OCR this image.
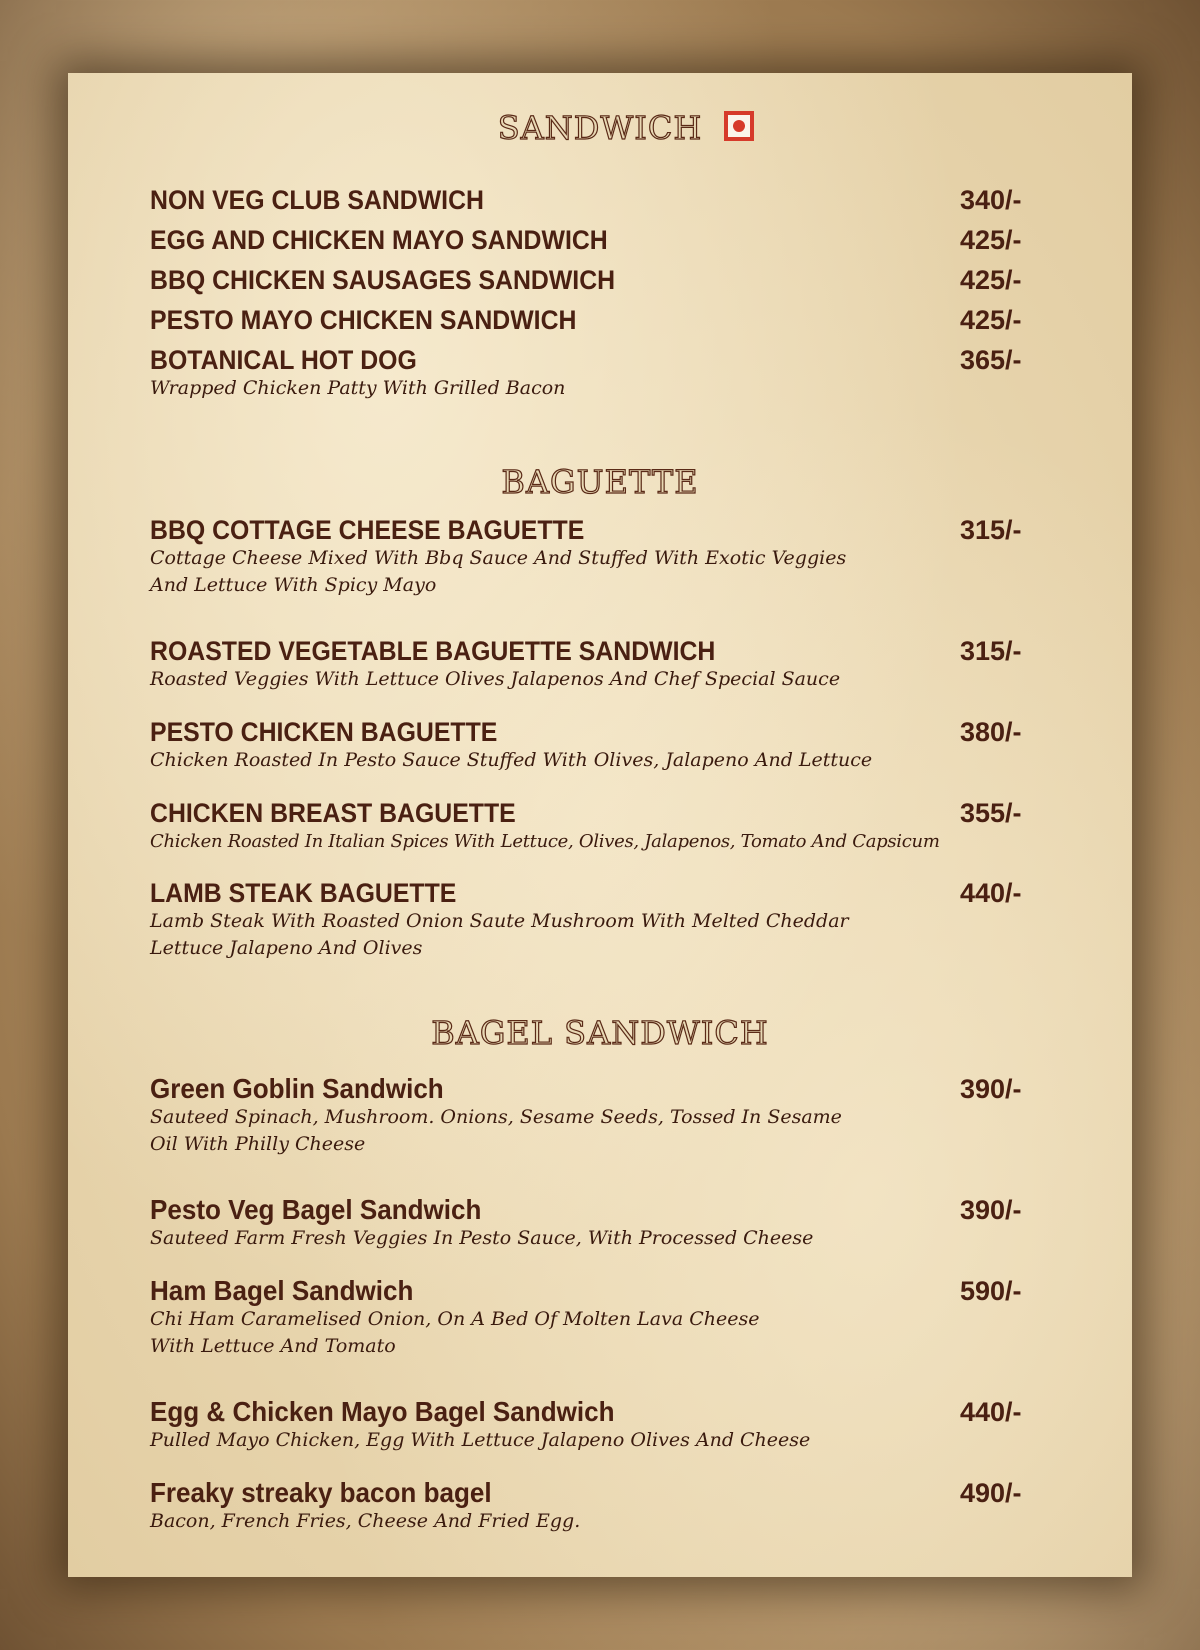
SANDWICH
NON VEG CLUB SANDWICH	340/-
EGG AND CHICKEN MAYO SANDWICH	425/-
BBQ CHICKEN SAUSAGES SANDWICH	425/-
PESTO MAYO CHICKEN SANDWICH	425/-
BOTANICAL HOT DOG	365/-
Wrapped Chicken Patty With Grilled Bacon
BAGUETTE
BBQ COTTAGE CHEESE BAGUETTE	315/-
Cottage Cheese Mixed With Bbq Sauce And Stuffed With Exotic Veggies
And Lettuce With Spicy Mayo
ROASTED VEGETABLE BAGUETTE SANDWICH	315/-
Roasted Veggies With Lettuce Olives Jalapenos And Chef Special Sauce
PESTO CHICKEN BAGUETTE	380/-
Chicken Roasted In Pesto Sauce Stuffed With Olives, Jalapeno And Lettuce
CHICKEN BREAST BAGUETTE	355/-
Chicken Roasted In Italian Spices With Lettuce, Olives, Jalapenos, Tomato And Capsicum
LAMB STEAK BAGUETTE	440/-
Lamb Steak With Roasted Onion Saute Mushroom With Melted Cheddar
Lettuce Jalapeno And Olives
BAGEL SANDWICH
Green Goblin Sandwich	390/-
Sauteed Spinach, Mushroom. Onions, Sesame Seeds, Tossed In Sesame
Oil With Philly Cheese
Pesto Veg Bagel Sandwich	390/-
Sauteed Farm Fresh Veggies In Pesto Sauce, With Processed Cheese
Ham Bagel Sandwich	590/-
Chi Ham Caramelised Onion, On A Bed Of Molten Lava Cheese
With Lettuce And Tomato
Egg & Chicken Mayo Bagel Sandwich	440/-
Pulled Mayo Chicken, Egg With Lettuce Jalapeno Olives And Cheese
Freaky streaky bacon bagel	490/-
Bacon, French Fries, Cheese And Fried Egg.
